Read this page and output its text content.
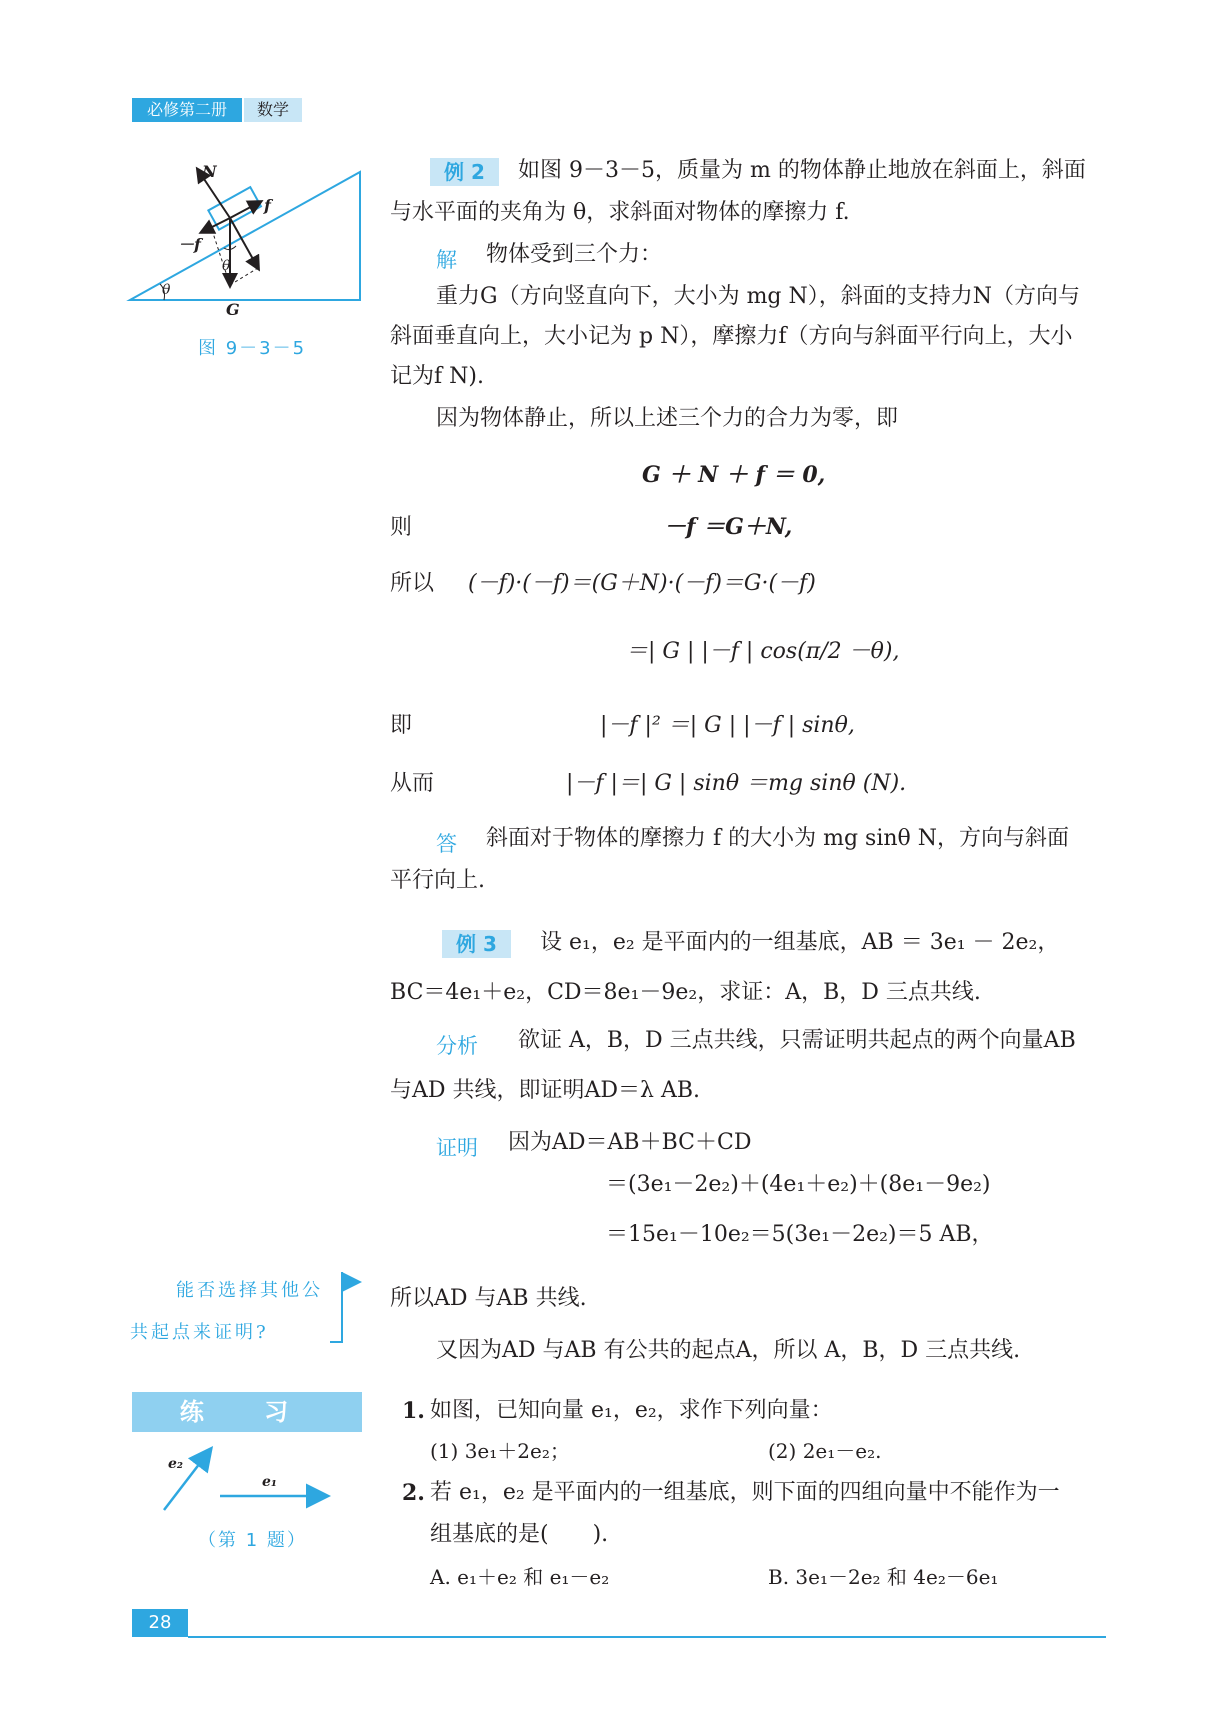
必修第二册	数学
N
f
－f
θ
θ
G
图 9－3－5
例 2	如图 9－3－5，质量为 m 的物体静止地放在斜面上，斜面
与水平面的夹角为 θ，求斜面对物体的摩擦力 f.
解 物体受到三个力：
重力G（方向竖直向下，大小为 mg N），斜面的支持力N（方向与
斜面垂直向上，大小记为 p N），摩擦力f（方向与斜面平行向上，大小
记为f N).
因为物体静止，所以上述三个力的合力为零，即
G ＋ N ＋ f ＝ 0,
则	－f ＝G＋N,
所以 (－f)·(－f)＝(G＋N)·(－f)＝G·(－f)
＝| G | |－f | cos(π/2 －θ),
即	|－f |² ＝| G | |－f | sinθ,
从而	|－f |＝| G | sinθ ＝mg sinθ (N).
答 斜面对于物体的摩擦力 f 的大小为 mg sinθ N，方向与斜面
平行向上.
例 3	设 e₁，e₂ 是平面内的一组基底，AB ＝ 3e₁ － 2e₂，
BC＝4e₁＋e₂，CD＝8e₁－9e₂，求证：A，B，D 三点共线.
分析 欲证 A，B，D 三点共线，只需证明共起点的两个向量AB
与AD 共线，即证明AD＝λ AB.
证明 因为AD＝AB＋BC＋CD
＝(3e₁－2e₂)＋(4e₁＋e₂)＋(8e₁－9e₂)
＝15e₁－10e₂＝5(3e₁－2e₂)＝5 AB，
所以AD 与AB 共线.
又因为AD 与AB 有公共的起点A，所以 A，B，D 三点共线.
能否选择其他公
共起点来证明?
练 习
e₂
e₁
（第 1 题）
1. 如图，已知向量 e₁，e₂，求作下列向量：
(1) 3e₁＋2e₂；	(2) 2e₁－e₂.
2. 若 e₁，e₂ 是平面内的一组基底，则下面的四组向量中不能作为一
组基底的是(　　).
A. e₁＋e₂ 和 e₁－e₂	B. 3e₁－2e₂ 和 4e₂－6e₁
28
